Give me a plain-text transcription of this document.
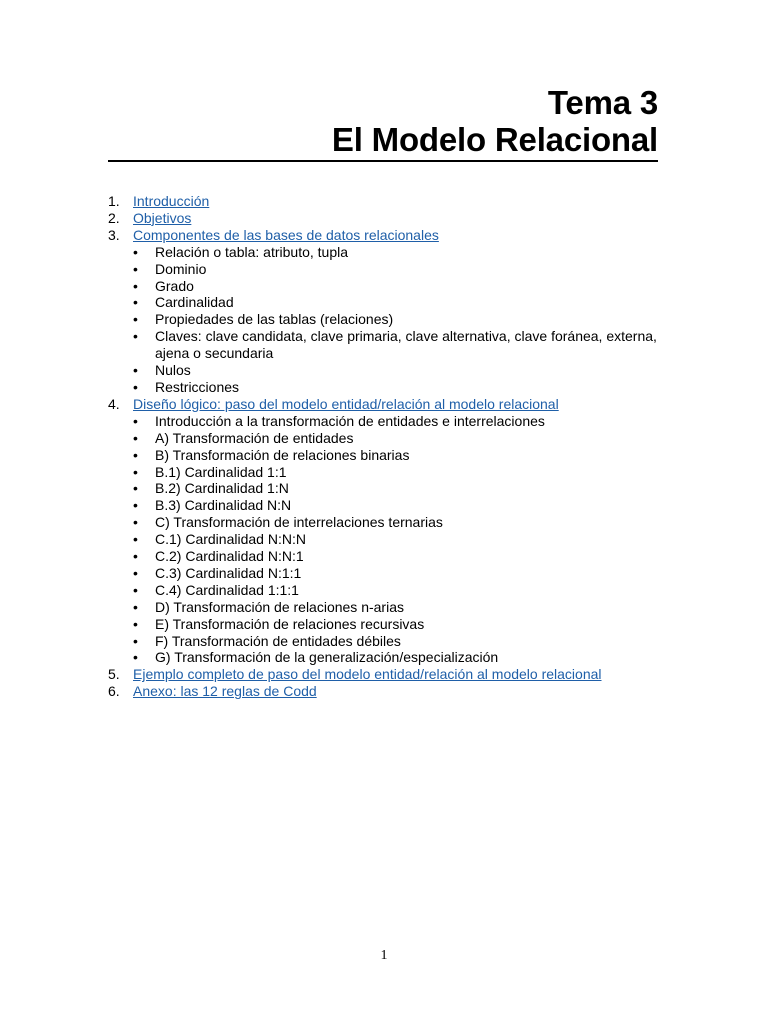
Tema 3
El Modelo Relacional
1. Introducción
2. Objetivos
3. Componentes de las bases de datos relacionales
• Relación o tabla: atributo, tupla
• Dominio
• Grado
• Cardinalidad
• Propiedades de las tablas (relaciones)
• Claves: clave candidata, clave primaria, clave alternativa, clave foránea, externa, ajena o secundaria
• Nulos
• Restricciones
4. Diseño lógico: paso del modelo entidad/relación al modelo relacional
• Introducción a la transformación de entidades e interrelaciones
• A) Transformación de entidades
• B) Transformación de relaciones binarias
• B.1) Cardinalidad 1:1
• B.2) Cardinalidad 1:N
• B.3) Cardinalidad N:N
• C) Transformación de interrelaciones ternarias
• C.1) Cardinalidad N:N:N
• C.2) Cardinalidad N:N:1
• C.3) Cardinalidad N:1:1
• C.4) Cardinalidad 1:1:1
• D) Transformación de relaciones n-arias
• E) Transformación de relaciones recursivas
• F) Transformación de entidades débiles
• G) Transformación de la generalización/especialización
5. Ejemplo completo de paso del modelo entidad/relación al modelo relacional
6. Anexo: las 12 reglas de Codd
1
